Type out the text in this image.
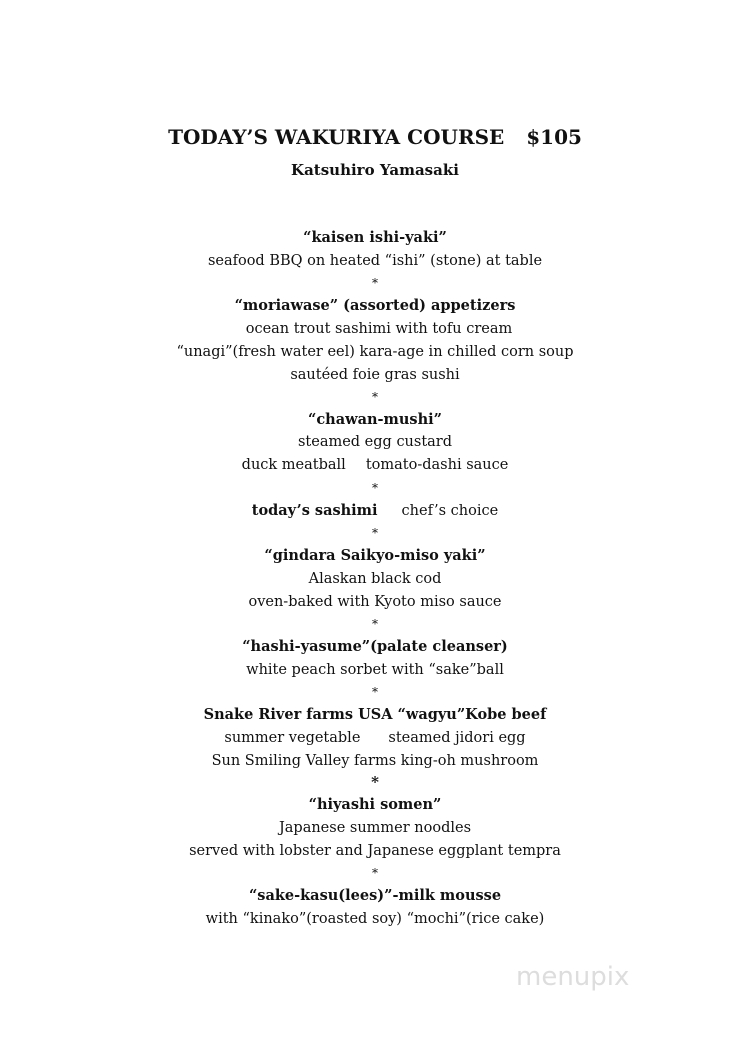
TODAY’S WAKURIYA COURSE $105
Katsuhiro Yamasaki
“kaisen ishi-yaki”
seafood BBQ on heated “ishi” (stone) at table
*
“moriawase” (assorted) appetizers
ocean trout sashimi with tofu cream
“unagi”(fresh water eel) kara-age in chilled corn soup
sautéed foie gras sushi
*
“chawan-mushi”
steamed egg custard
duck meatball tomato-dashi sauce
*
today’s sashimi chef’s choice
*
“gindara Saikyo-miso yaki”
Alaskan black cod
oven-baked with Kyoto miso sauce
*
“hashi-yasume”(palate cleanser)
white peach sorbet with “sake”ball
*
Snake River farms USA “wagyu”Kobe beef
summer vegetable steamed jidori egg
Sun Smiling Valley farms king-oh mushroom
*
“hiyashi somen”
Japanese summer noodles
served with lobster and Japanese eggplant tempra
*
“sake-kasu(lees)”-milk mousse
with “kinako”(roasted soy) “mochi”(rice cake)
menupix
